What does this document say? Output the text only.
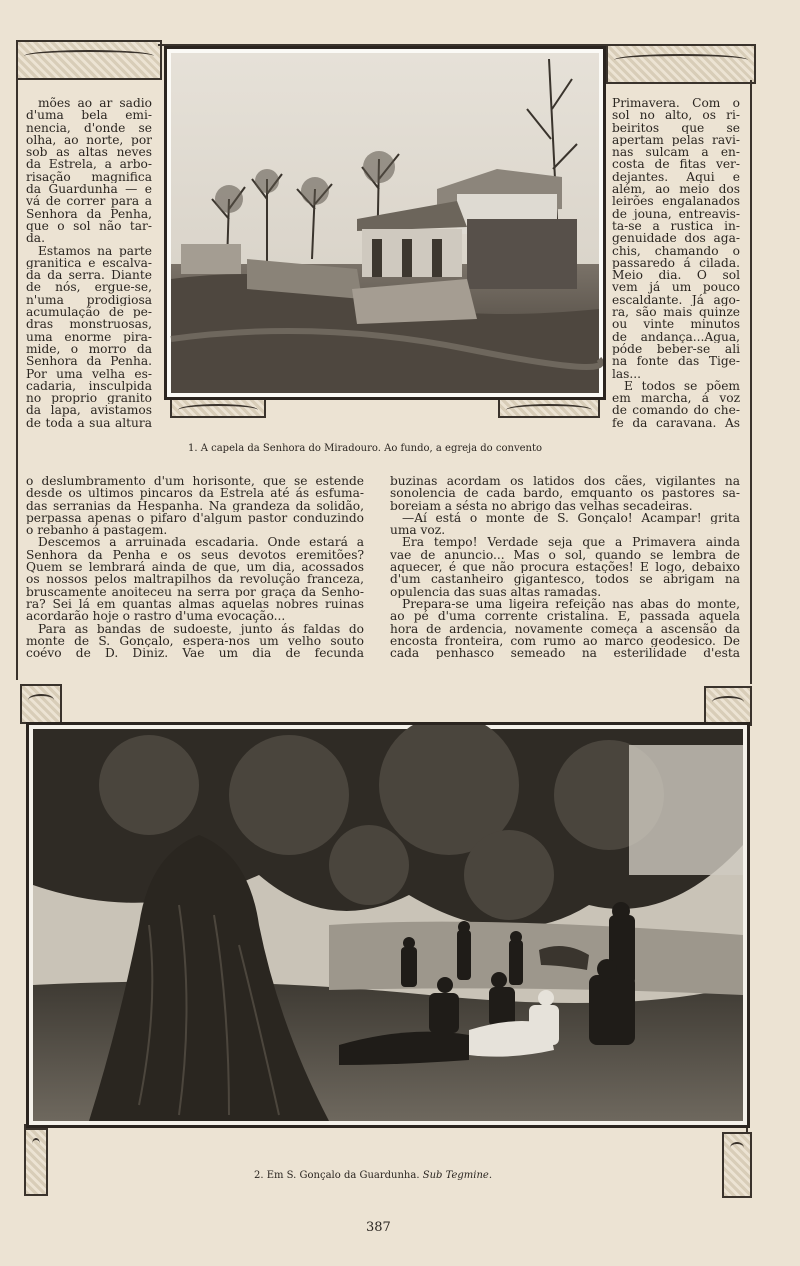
1. A capela da Senhora do Miradouro. Ao fundo, a egreja do convento
mões ao ar sadio
d'uma bela emi-
nencia, d'onde se
olha, ao norte, por
sob as altas neves
da Estrela, a arbo-
risação magnifica
da Guardunha — e
vá de correr para a
Senhora da Penha,
que o sol não tar-
da.
Estamos na parte
granitica e escalva-
da da serra. Diante
de nós, ergue-se,
n'uma prodigiosa
acumulação de pe-
dras monstruosas,
uma enorme pira-
mide, o morro da
Senhora da Penha.
Por uma velha es-
cadaria, insculpida
no proprio granito
da lapa, avistamos
de toda a sua altura
o deslumbramento d'um horisonte, que se estende
desde os ultimos pincaros da Estrela até ás esfuma-
das serranias da Hespanha. Na grandeza da solidão,
perpassa apenas o pifaro d'algum pastor conduzindo
o rebanho á pastagem.
Descemos a arruinada escadaria. Onde estará a
Senhora da Penha e os seus devotos eremitões?
Quem se lembrará ainda de que, um dia, acossados
os nossos pelos maltrapilhos da revolução franceza,
bruscamente anoiteceu na serra por graça da Senho-
ra? Sei lá em quantas almas aquelas nobres ruinas
acordarão hoje o rastro d'uma evocação...
Para as bandas de sudoeste, junto ás faldas do
monte de S. Gonçalo, espera-nos um velho souto
coévo de D. Diniz. Vae um dia de fecunda
Primavera. Com o
sol no alto, os ri-
beiritos que se
apertam pelas ravi-
nas sulcam a en-
costa de fitas ver-
dejantes. Aqui e
além, ao meio dos
leirões engalanados
de jouna, entreavis-
ta-se a rustica in-
genuidade dos aga-
chis, chamando o
passaredo á cilada.
Meio dia. O sol
vem já um pouco
escaldante. Já ago-
ra, são mais quinze
ou vinte minutos
de andança...Agua,
póde beber-se ali
na fonte das Tige-
las...
E todos se põem
em marcha, á voz
de comando do che-
fe da caravana. As
buzinas acordam os latidos dos cães, vigilantes na
sonolencia de cada bardo, emquanto os pastores sa-
boreiam a sésta no abrigo das velhas secadeiras.
—Aí está o monte de S. Gonçalo! Acampar! grita
uma voz.
Era tempo! Verdade seja que a Primavera ainda
vae de anuncio... Mas o sol, quando se lembra de
aquecer, é que não procura estações! E logo, debaixo
d'um castanheiro gigantesco, todos se abrigam na
opulencia das suas altas ramadas.
Prepara-se uma ligeira refeição nas abas do monte,
ao pé d'uma corrente cristalina. E, passada aquela
hora de ardencia, novamente começa a ascensão da
encosta fronteira, com rumo ao marco geodesico. De
cada penhasco semeado na esterilidade d'esta
2. Em S. Gonçalo da Guardunha. Sub Tegmine.
387
